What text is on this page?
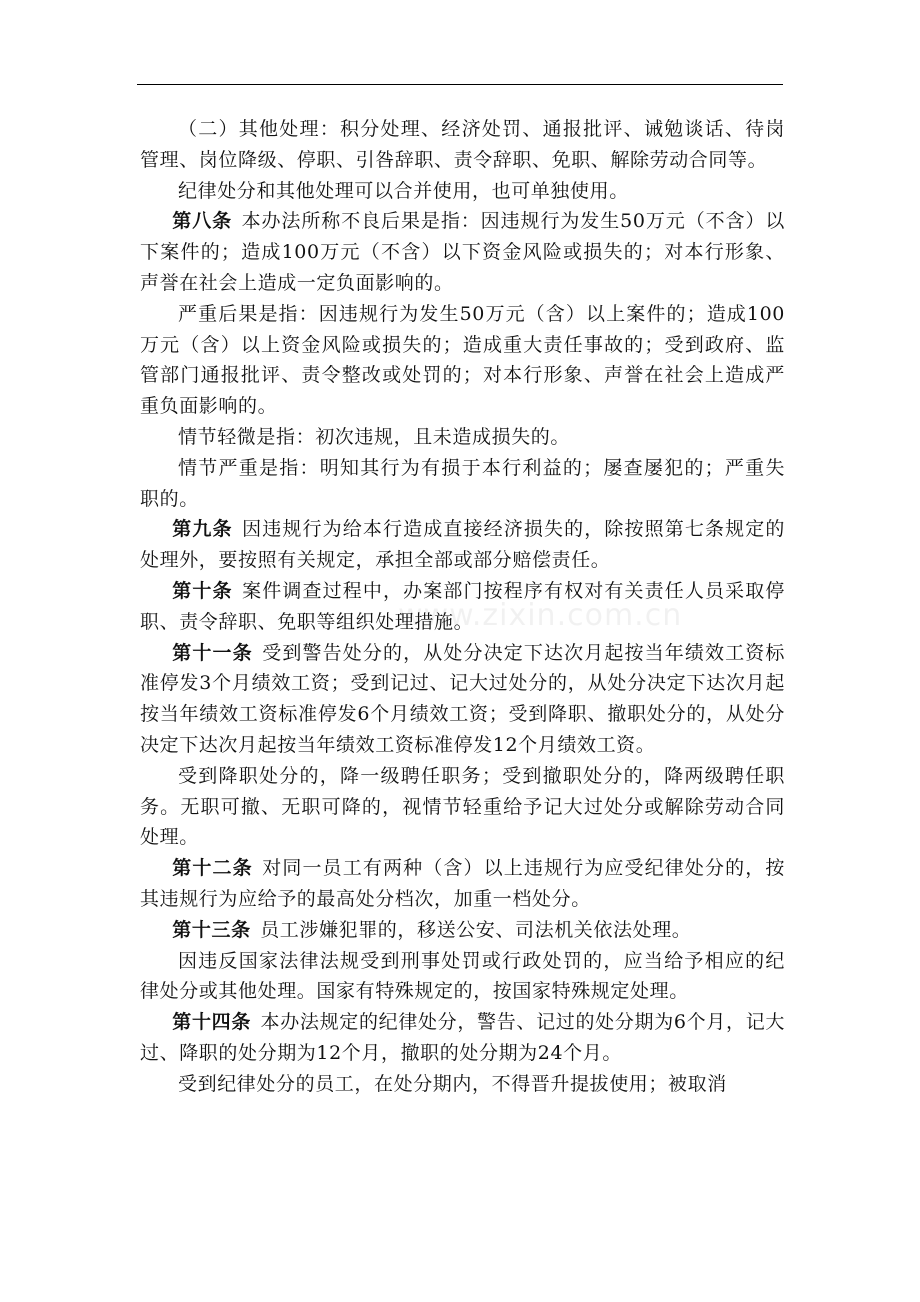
www.zixin.com.cn

（二）其他处理：积分处理、经济处罚、通报批评、诫勉谈话、待岗管理、岗位降级、停职、引咎辞职、责令辞职、免职、解除劳动合同等。

纪律处分和其他处理可以合并使用，也可单独使用。

第八条 本办法所称不良后果是指：因违规行为发生50万元（不含）以下案件的；造成100万元（不含）以下资金风险或损失的；对本行形象、声誉在社会上造成一定负面影响的。

严重后果是指：因违规行为发生50万元（含）以上案件的；造成100万元（含）以上资金风险或损失的；造成重大责任事故的；受到政府、监管部门通报批评、责令整改或处罚的；对本行形象、声誉在社会上造成严重负面影响的。

情节轻微是指：初次违规，且未造成损失的。

情节严重是指：明知其行为有损于本行利益的；屡查屡犯的；严重失职的。

第九条 因违规行为给本行造成直接经济损失的，除按照第七条规定的处理外，要按照有关规定，承担全部或部分赔偿责任。

第十条 案件调查过程中，办案部门按程序有权对有关责任人员采取停职、责令辞职、免职等组织处理措施。

第十一条 受到警告处分的，从处分决定下达次月起按当年绩效工资标准停发3个月绩效工资；受到记过、记大过处分的，从处分决定下达次月起按当年绩效工资标准停发6个月绩效工资；受到降职、撤职处分的，从处分决定下达次月起按当年绩效工资标准停发12个月绩效工资。

受到降职处分的，降一级聘任职务；受到撤职处分的，降两级聘任职务。无职可撤、无职可降的，视情节轻重给予记大过处分或解除劳动合同处理。

第十二条 对同一员工有两种（含）以上违规行为应受纪律处分的，按其违规行为应给予的最高处分档次，加重一档处分。

第十三条 员工涉嫌犯罪的，移送公安、司法机关依法处理。

因违反国家法律法规受到刑事处罚或行政处罚的，应当给予相应的纪律处分或其他处理。国家有特殊规定的，按国家特殊规定处理。

第十四条 本办法规定的纪律处分，警告、记过的处分期为6个月，记大过、降职的处分期为12个月，撤职的处分期为24个月。

受到纪律处分的员工，在处分期内，不得晋升提拔使用；被取消
